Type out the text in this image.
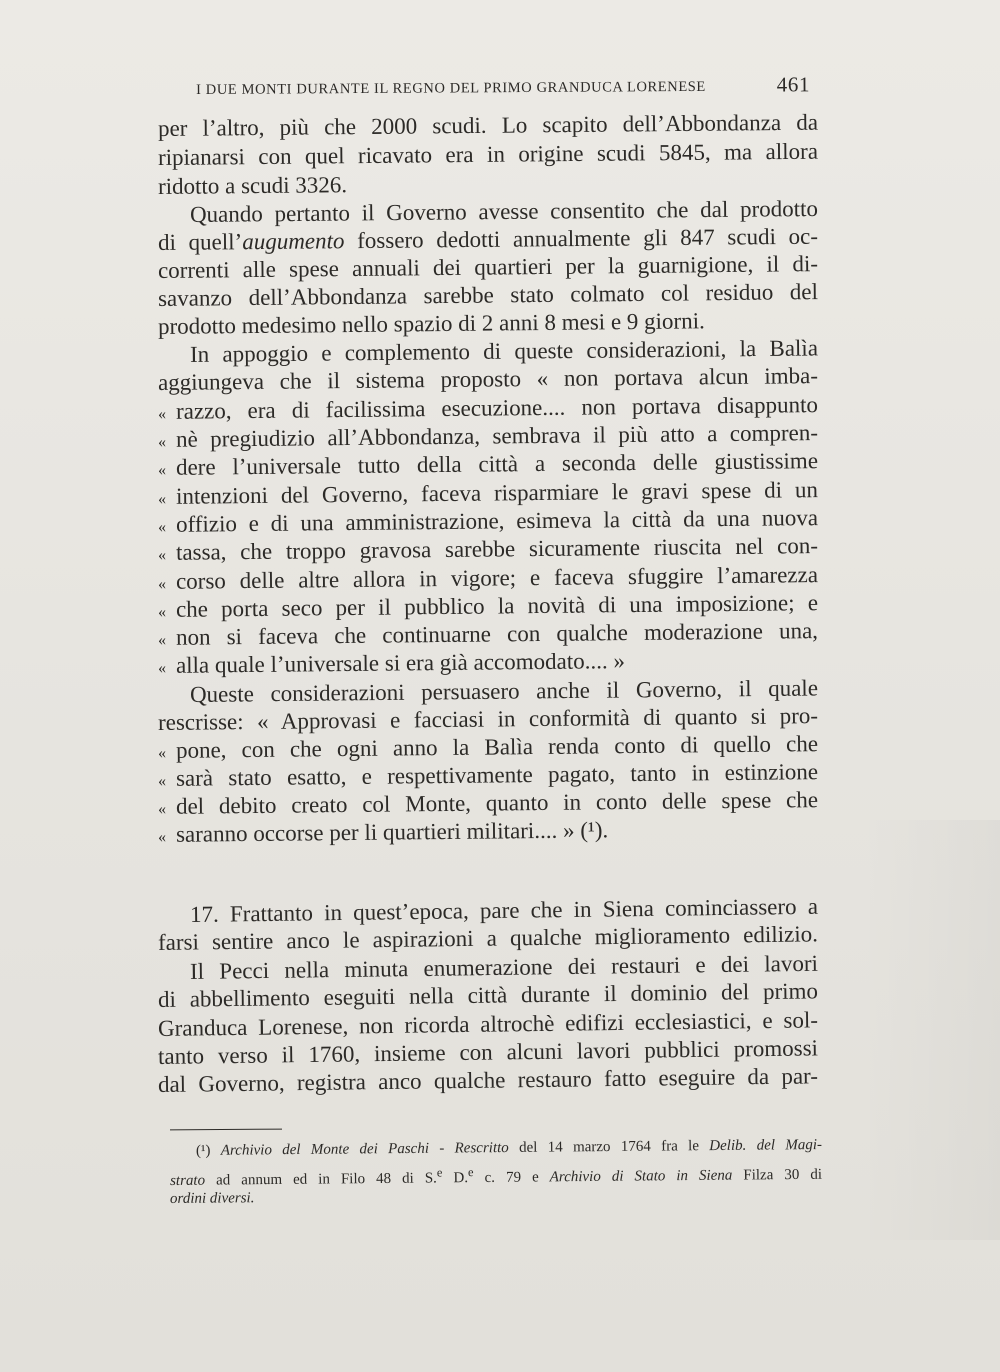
I DUE MONTI DURANTE IL REGNO DEL PRIMO GRANDUCA LORENESE	461
per l’altro, più che 2000 scudi. Lo scapito dell’Abbondanza da
ripianarsi con quel ricavato era in origine scudi 5845, ma allora
ridotto a scudi 3326.
Quando pertanto il Governo avesse consentito che dal prodotto
di quell’augumento fossero dedotti annualmente gli 847 scudi oc-
correnti alle spese annuali dei quartieri per la guarnigione, il di-
savanzo dell’Abbondanza sarebbe stato colmato col residuo del
prodotto medesimo nello spazio di 2 anni 8 mesi e 9 giorni.
In appoggio e complemento di queste considerazioni, la Balìa
aggiungeva che il sistema proposto « non portava alcun imba-
« razzo, era di facilissima esecuzione.... non portava disappunto
« nè pregiudizio all’Abbondanza, sembrava il più atto a compren-
« dere l’universale tutto della città a seconda delle giustissime
« intenzioni del Governo, faceva risparmiare le gravi spese di un
« offizio e di una amministrazione, esimeva la città da una nuova
« tassa, che troppo gravosa sarebbe sicuramente riuscita nel con-
« corso delle altre allora in vigore; e faceva sfuggire l’amarezza
« che porta seco per il pubblico la novità di una imposizione; e
« non si faceva che continuarne con qualche moderazione una,
« alla quale l’universale si era già accomodato.... »
Queste considerazioni persuasero anche il Governo, il quale
rescrisse: « Approvasi e facciasi in conformità di quanto si pro-
« pone, con che ogni anno la Balìa renda conto di quello che
« sarà stato esatto, e respettivamente pagato, tanto in estinzione
« del debito creato col Monte, quanto in conto delle spese che
« saranno occorse per li quartieri militari.... » (¹).
17. Frattanto in quest’epoca, pare che in Siena cominciassero a
farsi sentire anco le aspirazioni a qualche miglioramento edilizio.
Il Pecci nella minuta enumerazione dei restauri e dei lavori
di abbellimento eseguiti nella città durante il dominio del primo
Granduca Lorenese, non ricorda altrochè edifizi ecclesiastici, e sol-
tanto verso il 1760, insieme con alcuni lavori pubblici promossi
dal Governo, registra anco qualche restauro fatto eseguire da par-
(¹) Archivio del Monte dei Paschi - Rescritto del 14 marzo 1764 fra le Delib. del Magi-
strato ad annum ed in Filo 48 di S.$^e$ D.$^e$ c. 79 e Archivio di Stato in Siena Filza 30 di
ordini diversi.
